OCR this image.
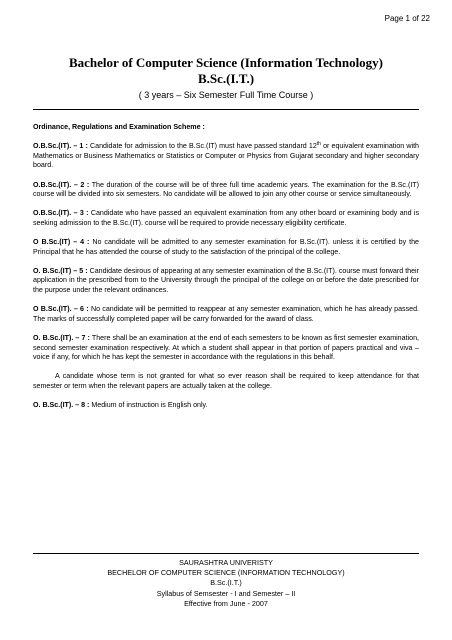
Page 1 of 22
Bachelor of Computer Science (Information Technology)
B.Sc.(I.T.)
( 3 years – Six Semester Full Time Course )
Ordinance, Regulations and Examination Scheme :
O.B.Sc.(IT). – 1 : Candidate for admission to the B.Sc.(IT) must have passed standard 12th or equivalent examination with Mathematics or Business Mathematics or Statistics or Computer or Physics from Gujarat secondary and higher secondary board.
O.B.Sc.(IT). – 2 : The duration of the course will be of three full time academic years. The examination for the B.Sc.(IT) course will be divided into six semesters. No candidate will be allowed to join any other course or service simultaneously.
O.B.Sc.(IT). – 3 : Candidate who have passed an equivalent examination from any other board or examining body and is seeking admission to the B.Sc.(IT). course will be required to provide necessary eligibility certificate.
O B.Sc.(IT) – 4 : No candidate will be admitted to any semester examination for B.Sc.(IT). unless it is certified by the Principal that he has attended the course of study to the satisfaction of the principal of the college.
O. B.Sc.(IT) – 5 : Candidate desirous of appearing at any semester examination of the B.Sc.(IT). course must forward their application in the prescribed from to the University through the principal of the college on or before the date prescribed for the purpose under the relevant ordinances.
O B.Sc.(IT). – 6 : No candidate will be permitted to reappear at any semester examination, which he has already passed. The marks of successfully completed paper will be carry forwarded for the award of class.
O. B.Sc.(IT). – 7 : There shall be an examination at the end of each semesters to be known as first semester examination, second semester examination respectively. At which a student shall appear in that portion of papers practical and viva – voice if any, for which he has kept the semester in accordance with the regulations in this behalf.
A candidate whose term is not granted for what so ever reason shall be required to keep attendance for that semester or term when the relevant papers are actually taken at the college.
O. B.Sc.(IT). – 8 : Medium of instruction is English only.
SAURASHTRA UNIVERISTY
BECHELOR OF COMPUTER SCIENCE (INFORMATION TECHNOLOGY)
B.Sc.(I.T.)
Syllabus of Semsester - I and Semester – II
Effective from June - 2007
